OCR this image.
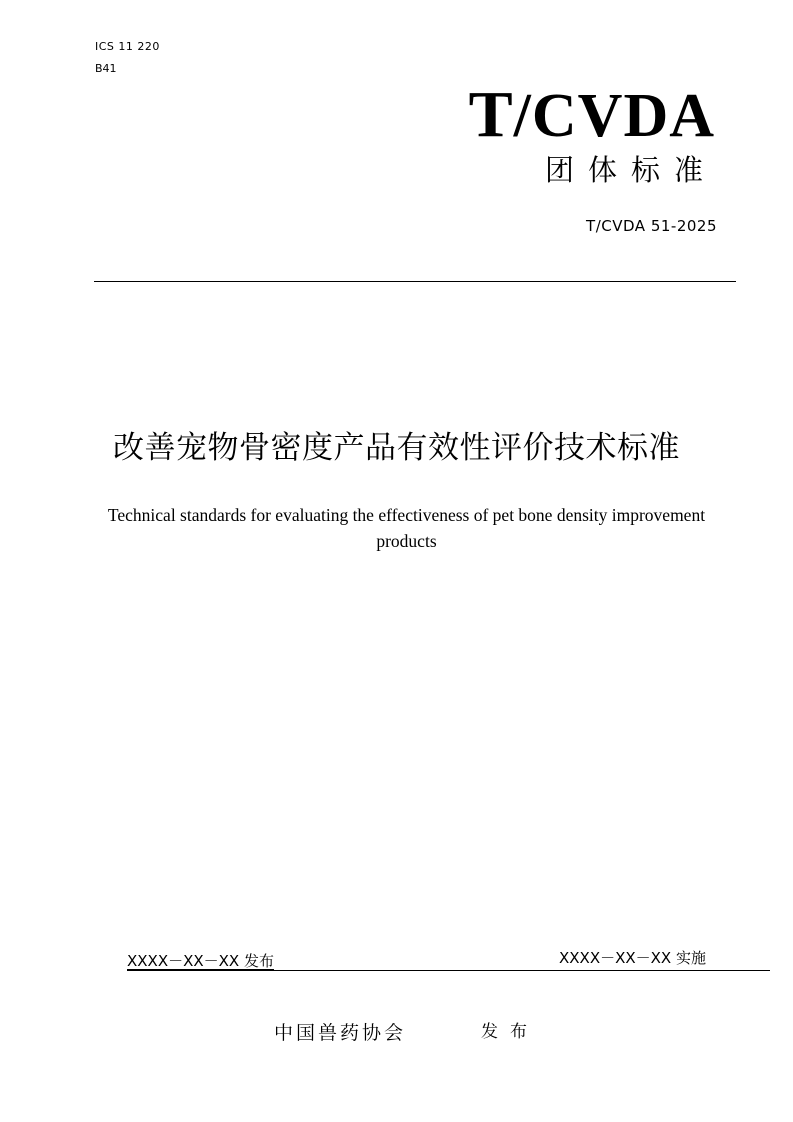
ICS 11 220
B41
T/CVDA
团体标准
T/CVDA 51-2025
改善宠物骨密度产品有效性评价技术标准

Technical standards for evaluating the effectiveness of pet bone density improvement products

XXXX－XX－XX 发布	XXXX－XX－XX 实施
中国兽药协会	发布
